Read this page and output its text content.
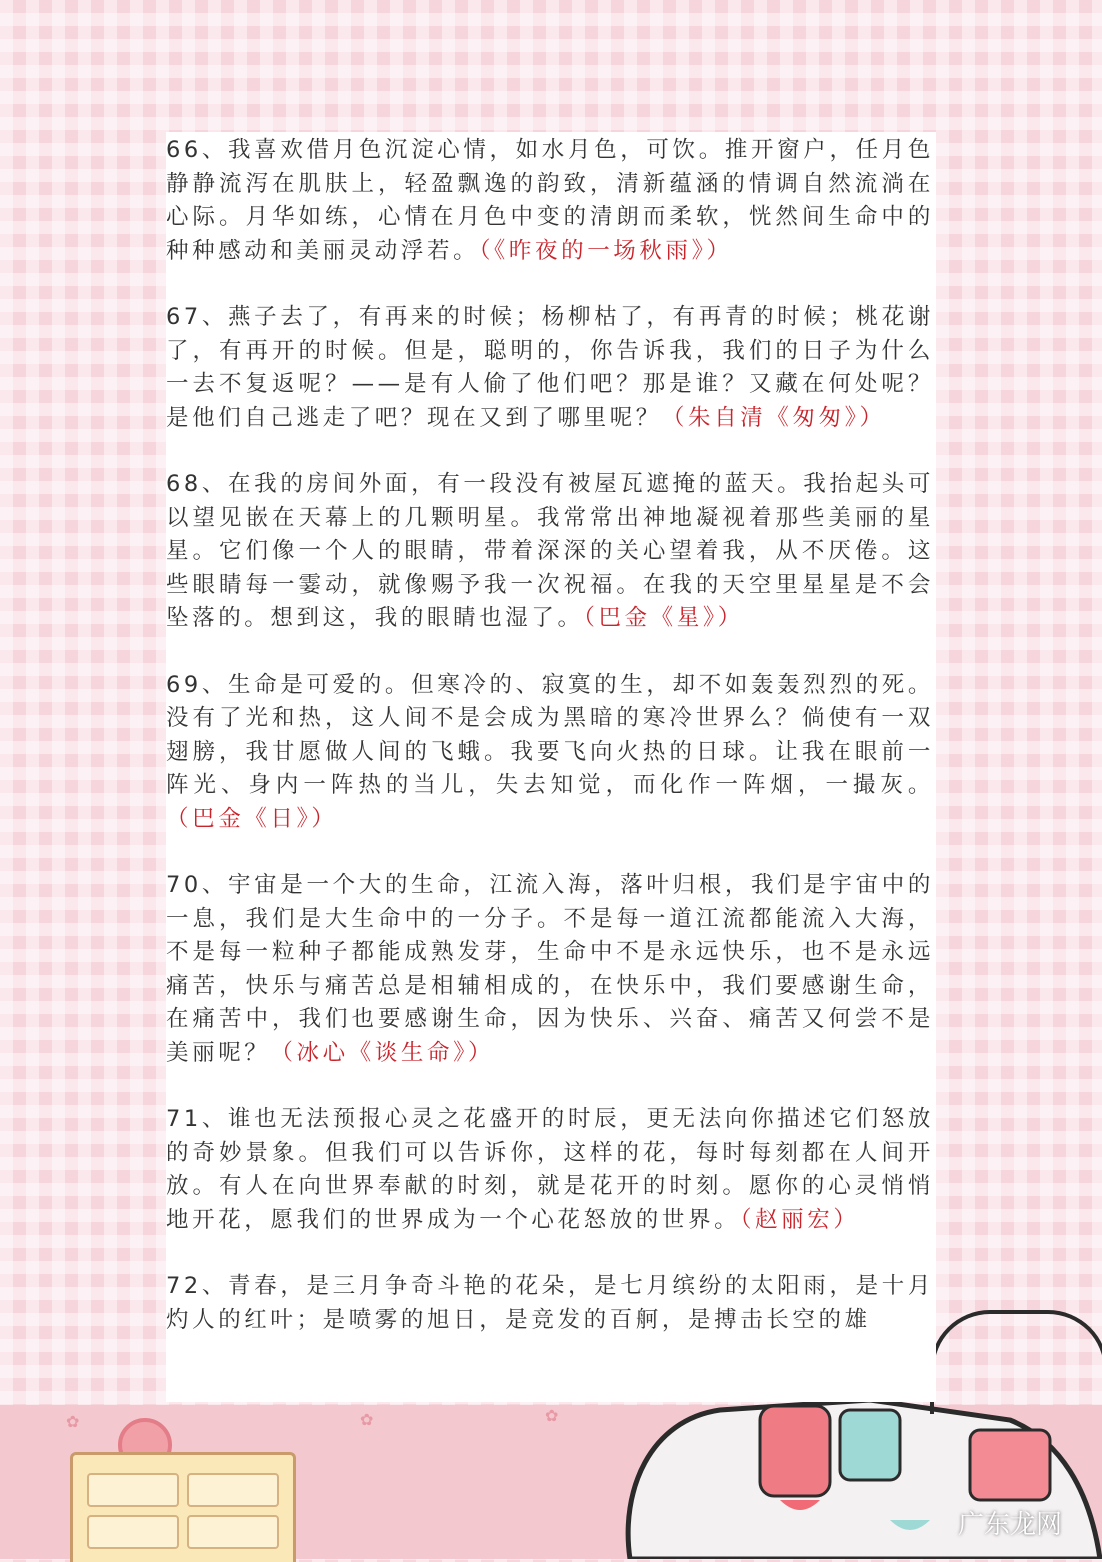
✿	✿	✿
广东龙网

66、我喜欢借月色沉淀心情，如水月色，可饮。推开窗户，任月色静静流泻在肌肤上，轻盈飘逸的韵致，清新蕴涵的情调自然流淌在心际。月华如练，心情在月色中变的清朗而柔软，恍然间生命中的种种感动和美丽灵动浮若。（《昨夜的一场秋雨》）

67、燕子去了，有再来的时候；杨柳枯了，有再青的时候；桃花谢了，有再开的时候。但是，聪明的，你告诉我，我们的日子为什么一去不复返呢？——是有人偷了他们吧？那是谁？又藏在何处呢？是他们自己逃走了吧？现在又到了哪里呢？（朱自清《匆匆》）

68、在我的房间外面，有一段没有被屋瓦遮掩的蓝天。我抬起头可以望见嵌在天幕上的几颗明星。我常常出神地凝视着那些美丽的星星。它们像一个人的眼睛，带着深深的关心望着我，从不厌倦。这些眼睛每一霎动，就像赐予我一次祝福。在我的天空里星星是不会坠落的。想到这，我的眼睛也湿了。（巴金《星》）

69、生命是可爱的。但寒冷的、寂寞的生，却不如轰轰烈烈的死。没有了光和热，这人间不是会成为黑暗的寒冷世界么？倘使有一双翅膀，我甘愿做人间的飞蛾。我要飞向火热的日球。让我在眼前一阵光、身内一阵热的当儿，失去知觉，而化作一阵烟，一撮灰。（巴金《日》）

70、宇宙是一个大的生命，江流入海，落叶归根，我们是宇宙中的一息，我们是大生命中的一分子。不是每一道江流都能流入大海，不是每一粒种子都能成熟发芽，生命中不是永远快乐，也不是永远痛苦，快乐与痛苦总是相辅相成的，在快乐中，我们要感谢生命，在痛苦中，我们也要感谢生命，因为快乐、兴奋、痛苦又何尝不是美丽呢？（冰心《谈生命》）

71、谁也无法预报心灵之花盛开的时辰，更无法向你描述它们怒放的奇妙景象。但我们可以告诉你，这样的花，每时每刻都在人间开放。有人在向世界奉献的时刻，就是花开的时刻。愿你的心灵悄悄地开花，愿我们的世界成为一个心花怒放的世界。（赵丽宏）

72、青春，是三月争奇斗艳的花朵，是七月缤纷的太阳雨，是十月灼人的红叶；是喷雾的旭日，是竞发的百舸，是搏击长空的雄
